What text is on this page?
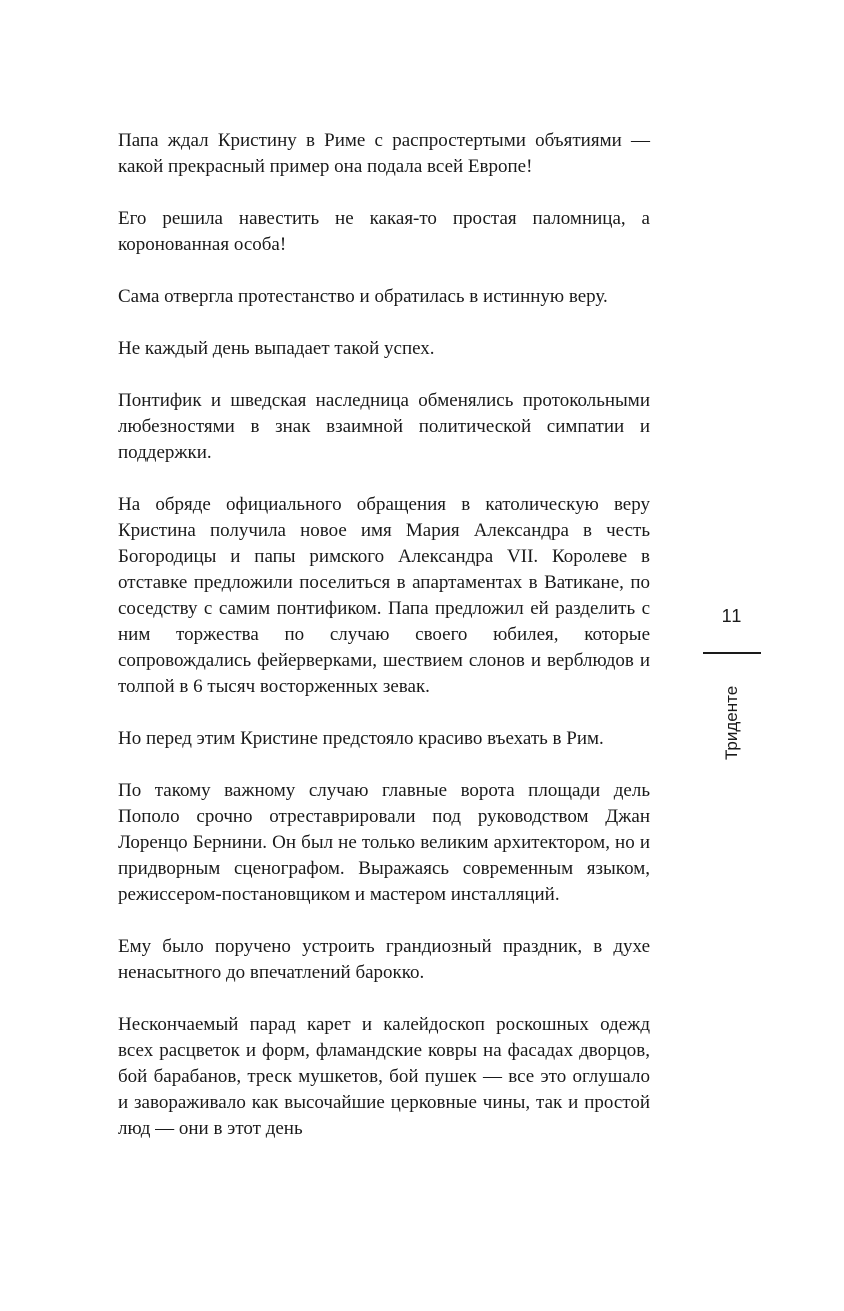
Папа ждал Кристину в Риме с распростертыми объятиями — какой прекрасный пример она подала всей Европе!

Его решила навестить не какая-то простая паломница, а коронованная особа!

Сама отвергла протестанство и обратилась в истинную веру.

Не каждый день выпадает такой успех.

Понтифик и шведская наследница обменялись протокольными любезностями в знак взаимной политической симпатии и поддержки.

На обряде официального обращения в католическую веру Кристина получила новое имя Мария Александра в честь Богородицы и папы римского Александра VII. Королеве в отставке предложили поселиться в апартаментах в Ватикане, по соседству с самим понтификом. Папа предложил ей разделить с ним торжества по случаю своего юбилея, которые сопровождались фейерверками, шествием слонов и верблюдов и толпой в 6 тысяч восторженных зевак.

Но перед этим Кристине предстояло красиво въехать в Рим.

По такому важному случаю главные ворота площади дель Пополо срочно отреставрировали под руководством Джан Лоренцо Бернини. Он был не только великим архитектором, но и придворным сценографом. Выражаясь современным языком, режиссером-постановщиком и мастером инсталляций.

Ему было поручено устроить грандиозный праздник, в духе ненасытного до впечатлений барокко.

Нескончаемый парад карет и калейдоскоп роскошных одежд всех расцветок и форм, фламандские ковры на фасадах дворцов, бой барабанов, треск мушкетов, бой пушек — все это оглушало и завораживало как высочайшие церковные чины, так и простой люд — они в этот день

11
Триденте
